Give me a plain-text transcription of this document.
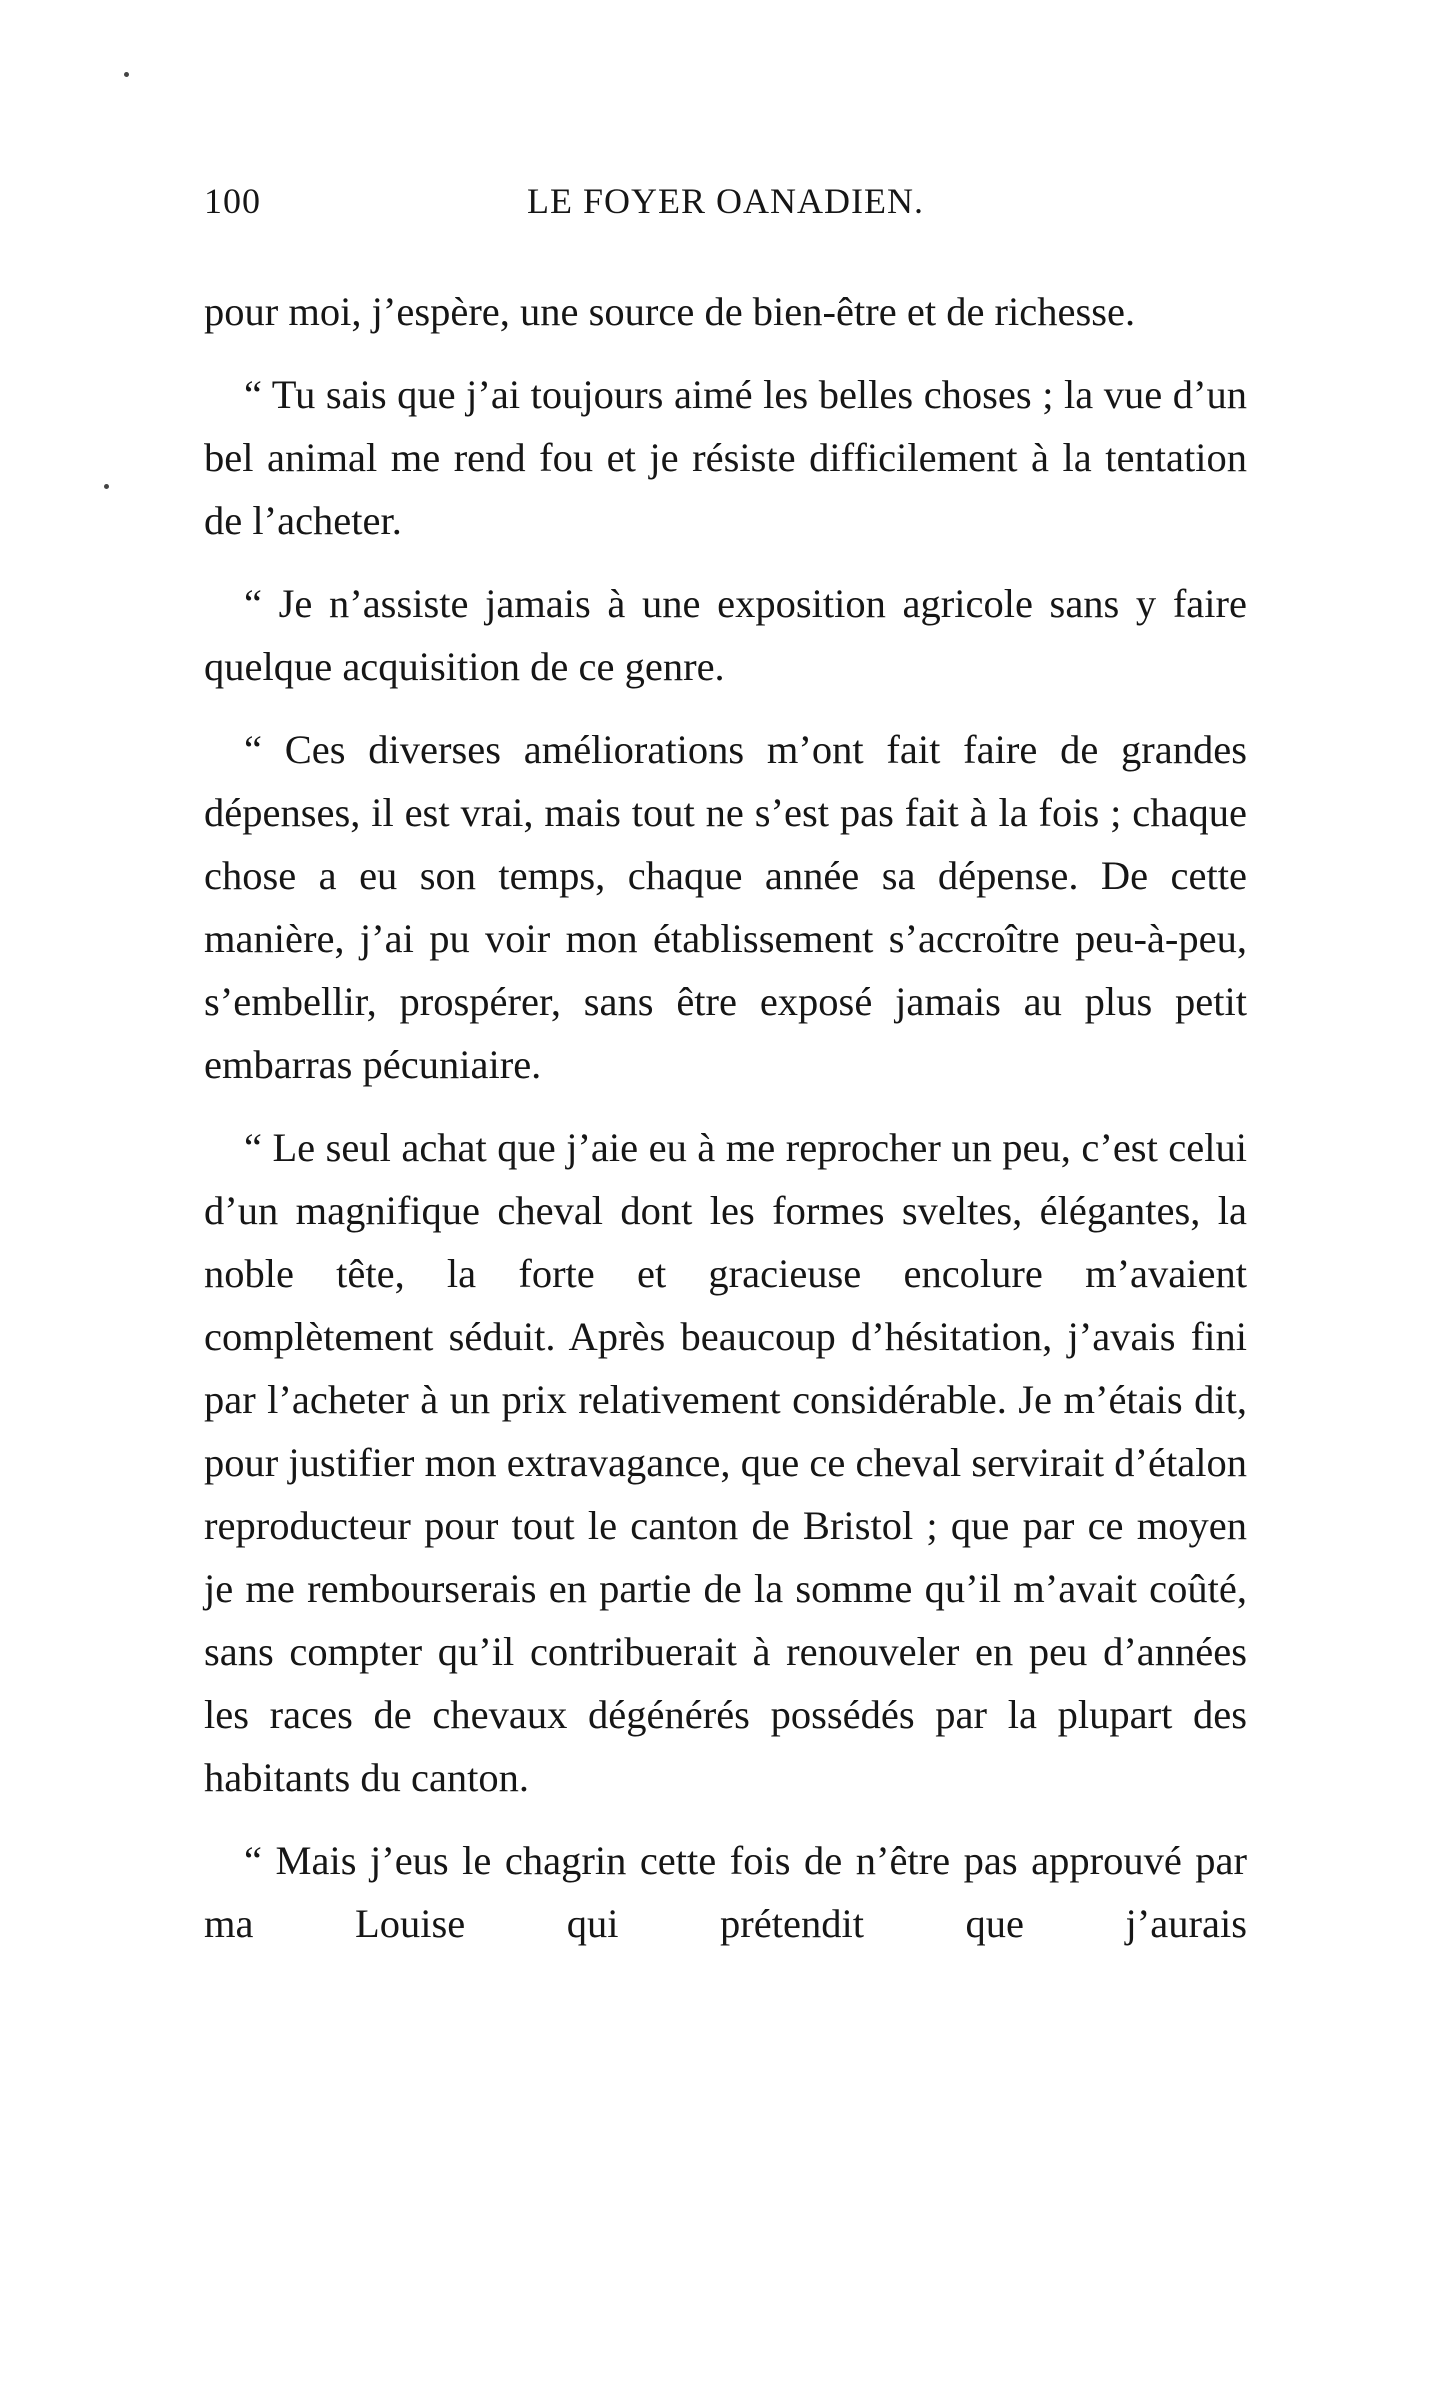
100	LE FOYER OANADIEN.

pour moi, j’espère, une source de bien-être et de richesse.

“ Tu sais que j’ai toujours aimé les belles choses ; la vue d’un bel animal me rend fou et je résiste difficilement à la tentation de l’acheter.

“ Je n’assiste jamais à une exposition agricole sans y faire quelque acquisition de ce genre.

“ Ces diverses améliorations m’ont fait faire de grandes dépenses, il est vrai, mais tout ne s’est pas fait à la fois ; chaque chose a eu son temps, chaque année sa dépense. De cette manière, j’ai pu voir mon établissement s’accroître peu-à-peu, s’embellir, prospérer, sans être exposé jamais au plus petit embarras pécuniaire.

“ Le seul achat que j’aie eu à me reprocher un peu, c’est celui d’un magnifique cheval dont les formes sveltes, élégantes, la noble tête, la forte et gracieuse encolure m’avaient complètement séduit. Après beaucoup d’hésitation, j’avais fini par l’acheter à un prix relativement considérable. Je m’étais dit, pour justifier mon extravagance, que ce cheval servirait d’étalon reproducteur pour tout le canton de Bristol ; que par ce moyen je me rembourserais en partie de la somme qu’il m’avait coûté, sans compter qu’il contribuerait à renouveler en peu d’années les races de chevaux dégénérés possédés par la plupart des habitants du canton.

“ Mais j’eus le chagrin cette fois de n’être pas approuvé par ma Louise qui prétendit que j’aurais
